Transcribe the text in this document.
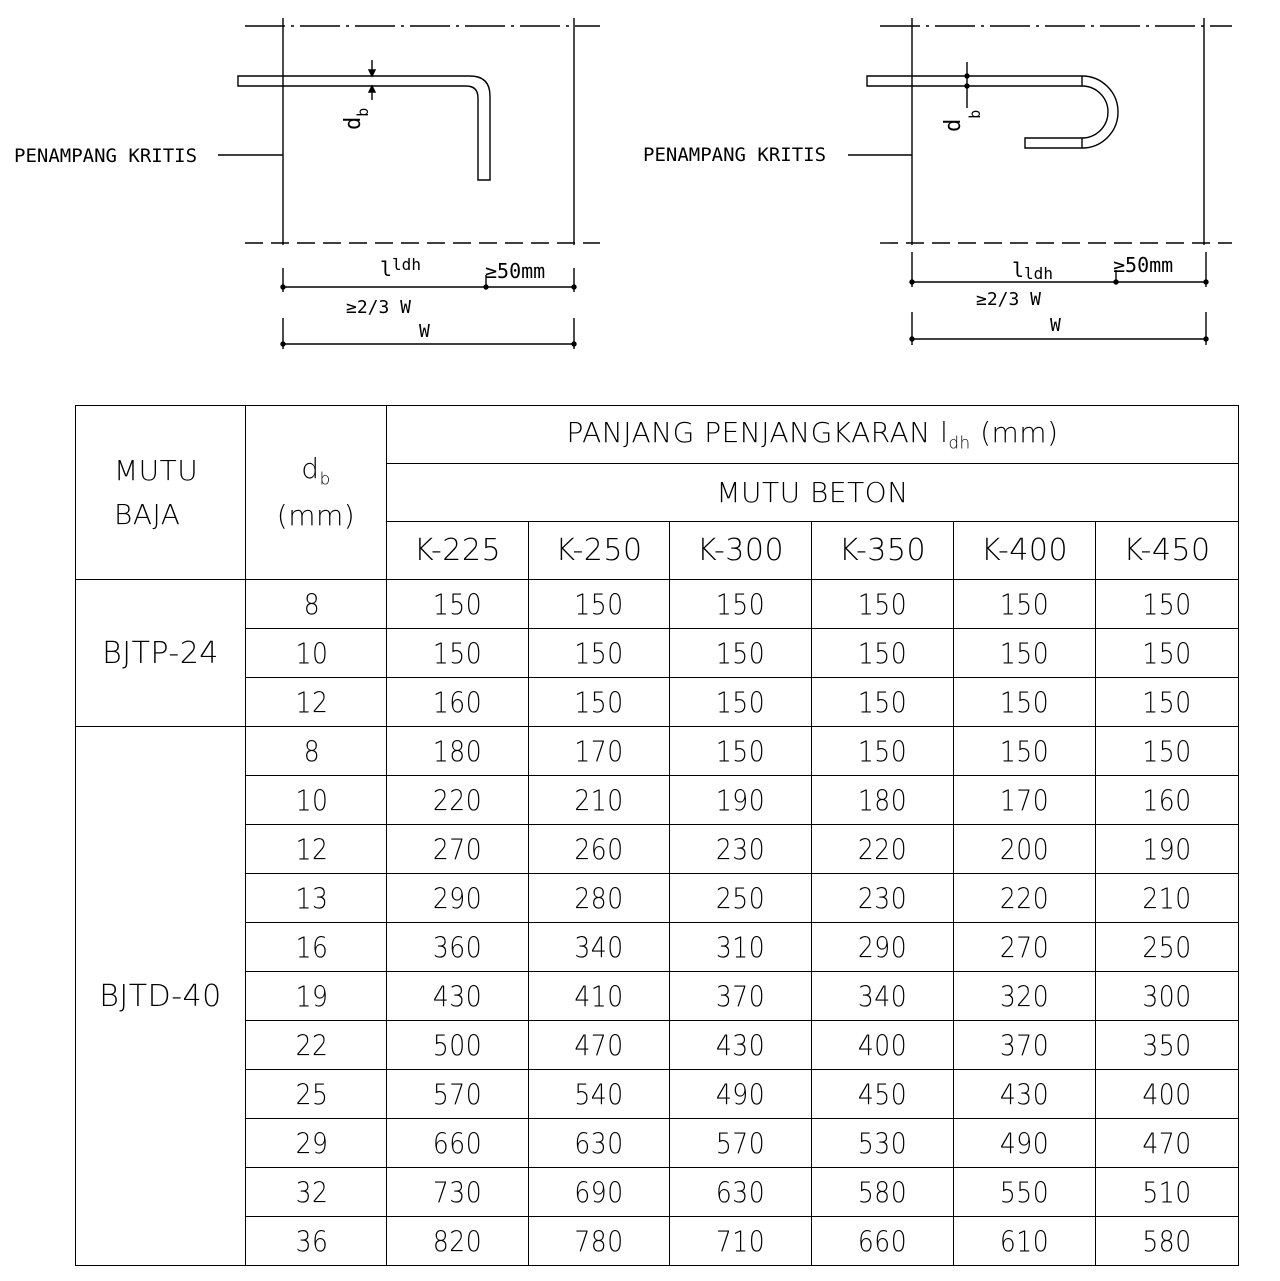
PENAMPANG KRITIS
$d_b$
$l^{ldh}$	≥50mm
≥2/3 W
W
PENAMPANG KRITIS
$d_b$
lldh	≥50mm
≥2/3 W
W
MUTU
BAJA	$d_b$
(mm)	PANJANG PENJANGKARAN $l_{dh}$ (mm)					
		MUTU BETON					
		K-225	K-250	K-300	K-350	K-400	K-450
BJTP-24	8	150	150	150	150	150	150
	10	150	150	150	150	150	150
	12	160	150	150	150	150	150
BJTD-40	8	180	170	150	150	150	150
	10	220	210	190	180	170	160
	12	270	260	230	220	200	190
	13	290	280	250	230	220	210
	16	360	340	310	290	270	250
	19	430	410	370	340	320	300
	22	500	470	430	400	370	350
	25	570	540	490	450	430	400
	29	660	630	570	530	490	470
	32	730	690	630	580	550	510
	36	820	780	710	660	610	580
